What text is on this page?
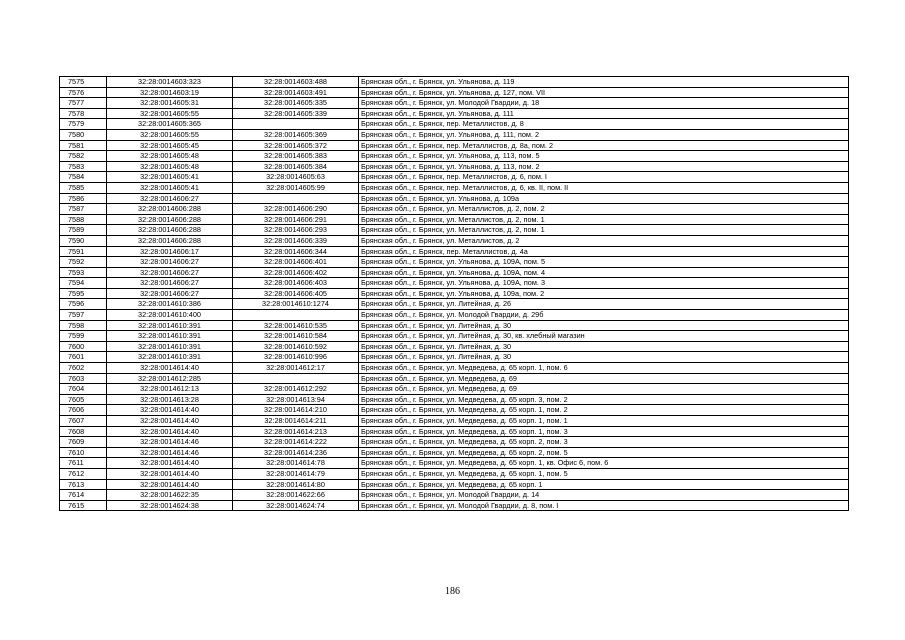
7575	32:28:0014603:323	32:28:0014603:488	Брянская обл., г. Брянск, ул. Ульянова, д. 119
7576	32:28:0014603:19	32:28:0014603:491	Брянская обл., г. Брянск, ул. Ульянова, д. 127, пом. VII
7577	32:28:0014605:31	32:28:0014605:335	Брянская обл., г. Брянск, ул. Молодой Гвардии, д. 18
7578	32:28:0014605:55	32:28:0014605:339	Брянская обл., г. Брянск, ул. Ульянова, д. 111
7579	32:28:0014605:365		Брянская обл., г. Брянск, пер. Металлистов, д. 8
7580	32:28:0014605:55	32:28:0014605:369	Брянская обл., г. Брянск, ул. Ульянова, д. 111, пом. 2
7581	32:28:0014605:45	32:28:0014605:372	Брянская обл., г. Брянск, пер. Металлистов, д. 8а, пом. 2
7582	32:28:0014605:48	32:28:0014605:383	Брянская обл., г. Брянск, ул. Ульянова, д. 113, пом. 5
7583	32:28:0014605:48	32:28:0014605:384	Брянская обл., г. Брянск, ул. Ульянова, д. 113, пом. 2
7584	32:28:0014605:41	32:28:0014605:63	Брянская обл., г. Брянск, пер. Металлистов, д. 6, пом. I
7585	32:28:0014605:41	32:28:0014605:99	Брянская обл., г. Брянск, пер. Металлистов, д. 6, кв. II, пом. II
7586	32:28:0014606:27		Брянская обл., г. Брянск, ул. Ульянова, д. 109а
7587	32:28:0014606:288	32:28:0014606:290	Брянская обл., г. Брянск, ул. Металлистов, д. 2, пом. 2
7588	32:28:0014606:288	32:28:0014606:291	Брянская обл., г. Брянск, ул. Металлистов, д. 2, пом. 1
7589	32:28:0014606:288	32:28:0014606:293	Брянская обл., г. Брянск, ул. Металлистов, д. 2, пом. 1
7590	32:28:0014606:288	32:28:0014606:339	Брянская обл., г. Брянск, ул. Металлистов, д. 2
7591	32:28:0014606:17	32:28:0014606:344	Брянская обл., г. Брянск, пер. Металлистов, д. 4а
7592	32:28:0014606:27	32:28:0014606:401	Брянская обл., г. Брянск, ул. Ульянова, д. 109А, пом. 5
7593	32:28:0014606:27	32:28:0014606:402	Брянская обл., г. Брянск, ул. Ульянова, д. 109А, пом. 4
7594	32:28:0014606:27	32:28:0014606:403	Брянская обл., г. Брянск, ул. Ульянова, д. 109А, пом. 3
7595	32:28:0014606:27	32:28:0014606:405	Брянская обл., г. Брянск, ул. Ульянова, д. 109а, пом. 2
7596	32:28:0014610:386	32:28:0014610:1274	Брянская обл., г. Брянск, ул. Литейная, д. 26
7597	32:28:0014610:400		Брянская обл., г. Брянск, ул. Молодой Гвардии, д. 29б
7598	32:28:0014610:391	32:28:0014610:535	Брянская обл., г. Брянск, ул. Литейная, д. 30
7599	32:28:0014610:391	32:28:0014610:584	Брянская обл., г. Брянск, ул. Литейная, д. 30, кв. хлебный магазин
7600	32:28:0014610:391	32:28:0014610:592	Брянская обл., г. Брянск, ул. Литейная, д. 30
7601	32:28:0014610:391	32:28:0014610:996	Брянская обл., г. Брянск, ул. Литейная, д. 30
7602	32:28:0014614:40	32:28:0014612:17	Брянская обл., г. Брянск, ул. Медведева, д. 65 корп. 1, пом. 6
7603	32:28:0014612:285		Брянская обл., г. Брянск, ул. Медведева, д. 69
7604	32:28:0014612:13	32:28:0014612:292	Брянская обл., г. Брянск, ул. Медведева, д. 69
7605	32:28:0014613:28	32:28:0014613:94	Брянская обл., г. Брянск, ул. Медведева, д. 65 корп. 3, пом. 2
7606	32:28:0014614:40	32:28:0014614:210	Брянская обл., г. Брянск, ул. Медведева, д. 65 корп. 1, пом. 2
7607	32:28:0014614:40	32:28:0014614:211	Брянская обл., г. Брянск, ул. Медведева, д. 65 корп. 1, пом. 1
7608	32:28:0014614:40	32:28:0014614:213	Брянская обл., г. Брянск, ул. Медведева, д. 65 корп. 1, пом. 3
7609	32:28:0014614:46	32:28:0014614:222	Брянская обл., г. Брянск, ул. Медведева, д. 65 корп. 2, пом. 3
7610	32:28:0014614:46	32:28:0014614:236	Брянская обл., г. Брянск, ул. Медведева, д. 65 корп. 2, пом. 5
7611	32:28:0014614:40	32:28:0014614:78	Брянская обл., г. Брянск, ул. Медведева, д. 65 корп. 1, кв. Офис 6, пом. 6
7612	32:28:0014614:40	32:28:0014614:79	Брянская обл., г. Брянск, ул. Медведева, д. 65 корп. 1, пом. 5
7613	32:28:0014614:40	32:28:0014614:80	Брянская обл., г. Брянск, ул. Медведева, д. 65 корп. 1
7614	32:28:0014622:35	32:28:0014622:66	Брянская обл., г. Брянск, ул. Молодой Гвардии, д. 14
7615	32:28:0014624:38	32:28:0014624:74	Брянская обл., г. Брянск, ул. Молодой Гвардии, д. 8, пом. I
186
